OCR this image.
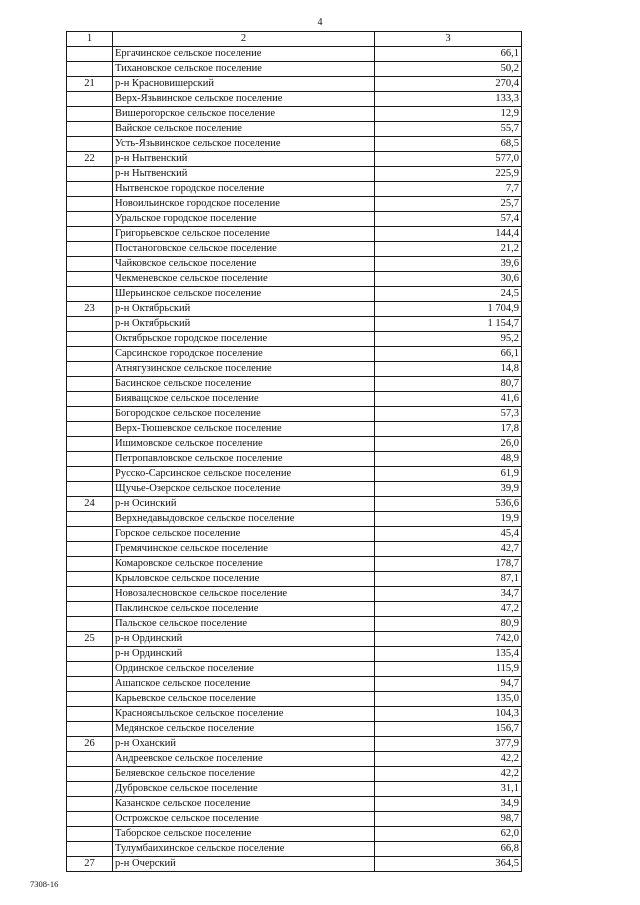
4
1	2	3
	Ергачинское сельское поселение	66,1
	Тихановское сельское поселение	50,2
21	р-н Красновишерский	270,4
	Верх-Язьвинское сельское поселение	133,3
	Вишерогорское сельское поселение	12,9
	Вайское сельское поселение	55,7
	Усть-Язьвинское сельское поселение	68,5
22	р-н Нытвенский	577,0
	р-н Нытвенский	225,9
	Нытвенское городское поселение	7,7
	Новоильинское городское поселение	25,7
	Уральское городское поселение	57,4
	Григорьевское сельское поселение	144,4
	Постаноговское сельское поселение	21,2
	Чайковское сельское поселение	39,6
	Чекменевское сельское поселение	30,6
	Шерьинское сельское поселение	24,5
23	р-н Октябрьский	1 704,9
	р-н Октябрьский	1 154,7
	Октябрьское городское поселение	95,2
	Сарсинское городское поселение	66,1
	Атнягузинское сельское поселение	14,8
	Басинское сельское поселение	80,7
	Бияващское сельское поселение	41,6
	Богородское сельское поселение	57,3
	Верх-Тюшевское сельское поселение	17,8
	Ишимовское сельское поселение	26,0
	Петропавловское сельское поселение	48,9
	Русско-Сарсинское сельское поселение	61,9
	Щучье-Озерское сельское поселение	39,9
24	р-н Осинский	536,6
	Верхнедавыдовское сельское поселение	19,9
	Горское сельское поселение	45,4
	Гремячинское сельское поселение	42,7
	Комаровское сельское поселение	178,7
	Крыловское сельское поселение	87,1
	Новозалесновское сельское поселение	34,7
	Паклинское сельское поселение	47,2
	Пальское сельское поселение	80,9
25	р-н Ординский	742,0
	р-н Ординский	135,4
	Ординское сельское поселение	115,9
	Ашапское сельское поселение	94,7
	Карьевское сельское поселение	135,0
	Красноясыльское сельское поселение	104,3
	Медянское сельское поселение	156,7
26	р-н Оханский	377,9
	Андреевское сельское поселение	42,2
	Беляевское сельское поселение	42,2
	Дубровское сельское поселение	31,1
	Казанское сельское поселение	34,9
	Острожское сельское поселение	98,7
	Таборское сельское поселение	62,0
	Тулумбаихинское сельское поселение	66,8
27	р-н Очерский	364,5
7308-16
